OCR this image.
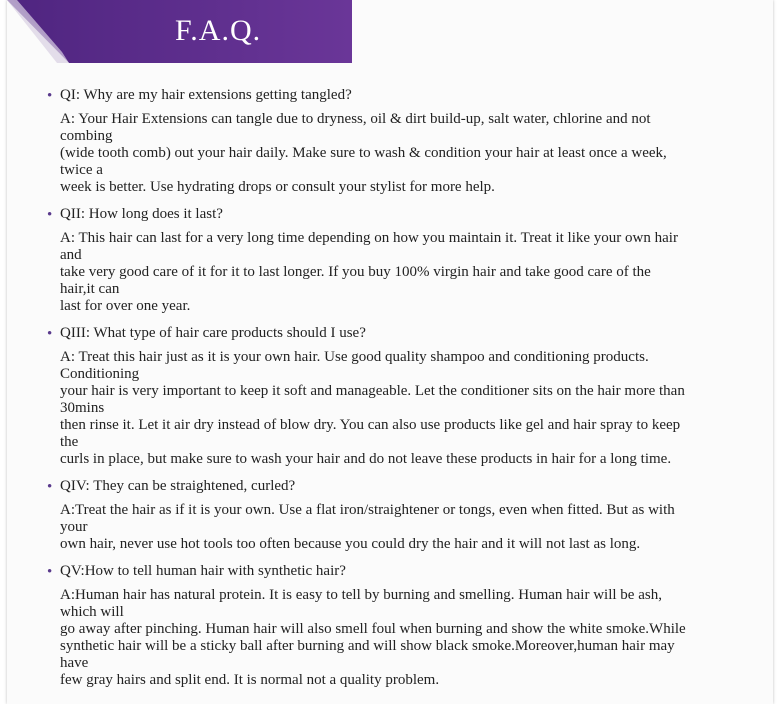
F.A.Q.
• QI: Why are my hair extensions getting tangled?

A: Your Hair Extensions can tangle due to dryness, oil & dirt build-up, salt water, chlorine and not
combing
(wide tooth comb) out your hair daily. Make sure to wash & condition your hair at least once a week,
twice a
week is better. Use hydrating drops or consult your stylist for more help.
• QII: How long does it last?

A: This hair can last for a very long time depending on how you maintain it. Treat it like your own hair
and
take very good care of it for it to last longer. If you buy 100% virgin hair and take good care of the
hair,it can
last for over one year.
• QIII: What type of hair care products should I use?

A: Treat this hair just as it is your own hair. Use good quality shampoo and conditioning products.
Conditioning
your hair is very important to keep it soft and manageable. Let the conditioner sits on the hair more than
30mins
then rinse it. Let it air dry instead of blow dry. You can also use products like gel and hair spray to keep
the
curls in place, but make sure to wash your hair and do not leave these products in hair for a long time.
• QIV: They can be straightened, curled?

A:Treat the hair as if it is your own. Use a flat iron/straightener or tongs, even when fitted. But as with
your
own hair, never use hot tools too often because you could dry the hair and it will not last as long.
• QV:How to tell human hair with synthetic hair?

A:Human hair has natural protein. It is easy to tell by burning and smelling. Human hair will be ash,
which will
go away after pinching. Human hair will also smell foul when burning and show the white smoke.While
synthetic hair will be a sticky ball after burning and will show black smoke.Moreover,human hair may
have
few gray hairs and split end. It is normal not a quality problem.
